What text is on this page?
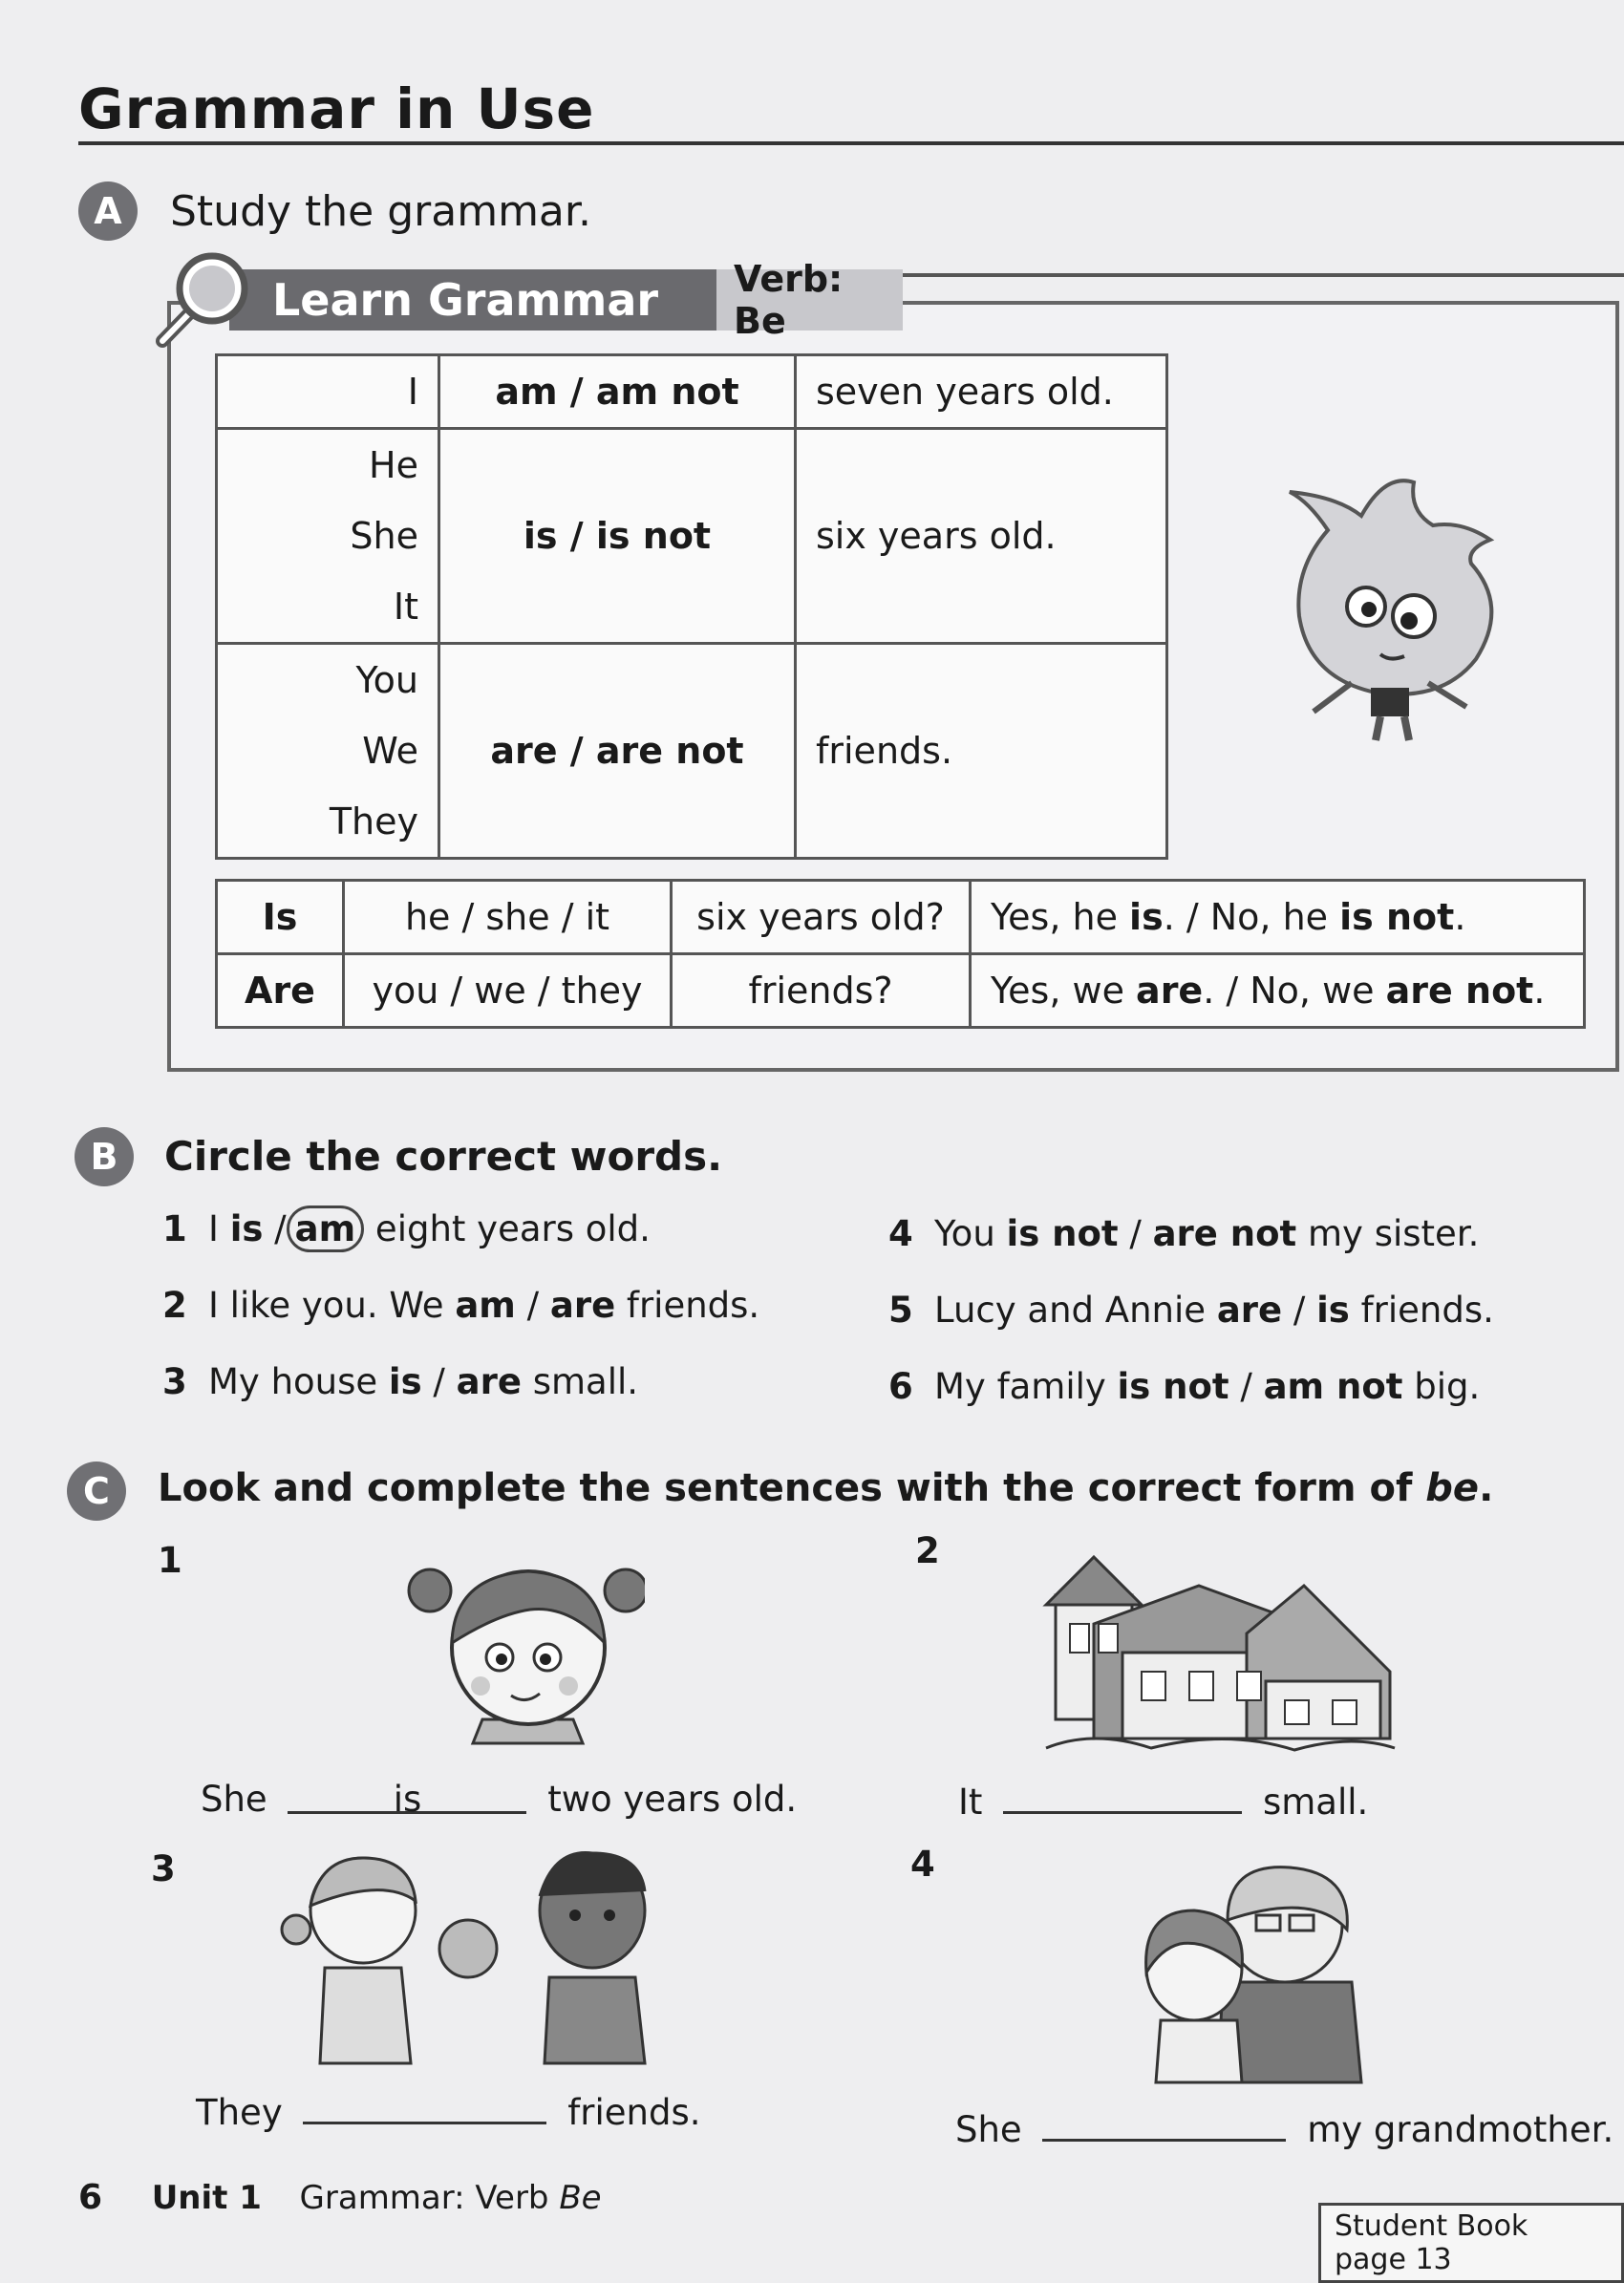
Grammar in Use
A	Study the grammar.
Learn Grammar	Verb: Be
I	am / am not	seven years old.

He
She
It	is / is not	six years old.

You
We
They	are / are not	friends.
Is	he / she / it	six years old?	Yes, he is. / No, he is not.
Are	you / we / they	friends?	Yes, we are. / No, we are not.
B	Circle the correct words.
1 I is / am eight years old.
2 I like you. We am / are friends.
3 My house is / are small.
4 You is not / are not my sister.
5 Lucy and Annie are / is friends.
6 My family is not / am not big.
C	Look and complete the sentences with the correct form of be.
1	2
3	4
She	is	two years old.	It	small.
They	friends.	She	my grandmother.
6 Unit 1 Grammar: Verb Be
Student Book page 13
